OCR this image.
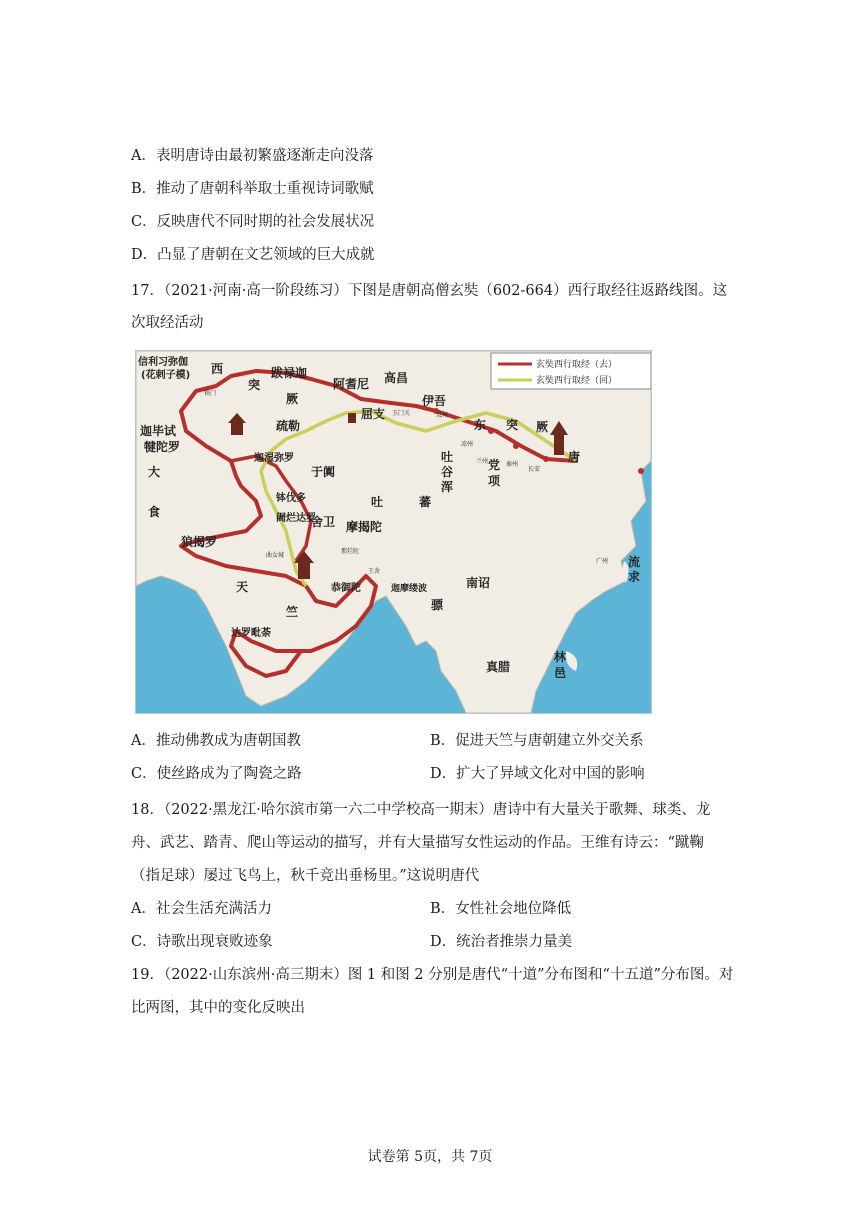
A．表明唐诗由最初繁盛逐渐走向没落
B．推动了唐朝科举取士重视诗词歌赋
C．反映唐代不同时期的社会发展状况
D．凸显了唐朝在文艺领域的巨大成就
17．（2021·河南·高一阶段练习）下图是唐朝高僧玄奘（602-664）西行取经往返路线图。这
次取经活动
玄奘西行取经（去）
玄奘西行取经（回）
信利习弥伽
(花剌子模) 西
突
厥
跋禄迦
阿耆尼 高昌
伊吾
东 突 厥
屈支
疏勒
于阗
吐
谷
浑
党
项
唐
长安
迦毕试
犍陀罗
大
食
迦湿弥罗
吐	蕃
钵伐多
阇烂达罗
狼揭罗
舍卫 摩揭陀
天
竺
恭御陀
达罗毗荼
迦摩缕波
骠
南诏
真腊
林
邑
流
求
广州
铁门
玉门关	瓜州
凉州
兰州	秦州
王舍
那烂陀
曲女城
A．推动佛教成为唐朝国教	B．促进天竺与唐朝建立外交关系
C．使丝路成为了陶瓷之路	D．扩大了异域文化对中国的影响
18．（2022·黑龙江·哈尔滨市第一六二中学校高一期末）唐诗中有大量关于歌舞、球类、龙
舟、武艺、踏青、爬山等运动的描写，并有大量描写女性运动的作品。王维有诗云：“蹴鞠
（指足球）屡过飞鸟上，秋千竞出垂杨里。”这说明唐代
A．社会生活充满活力	B．女性社会地位降低
C．诗歌出现衰败迹象	D．统治者推崇力量美
19．（2022·山东滨州·高三期末）图 1 和图 2 分别是唐代“十道”分布图和“十五道”分布图。对
比两图，其中的变化反映出
试卷第 5页，共 7页
